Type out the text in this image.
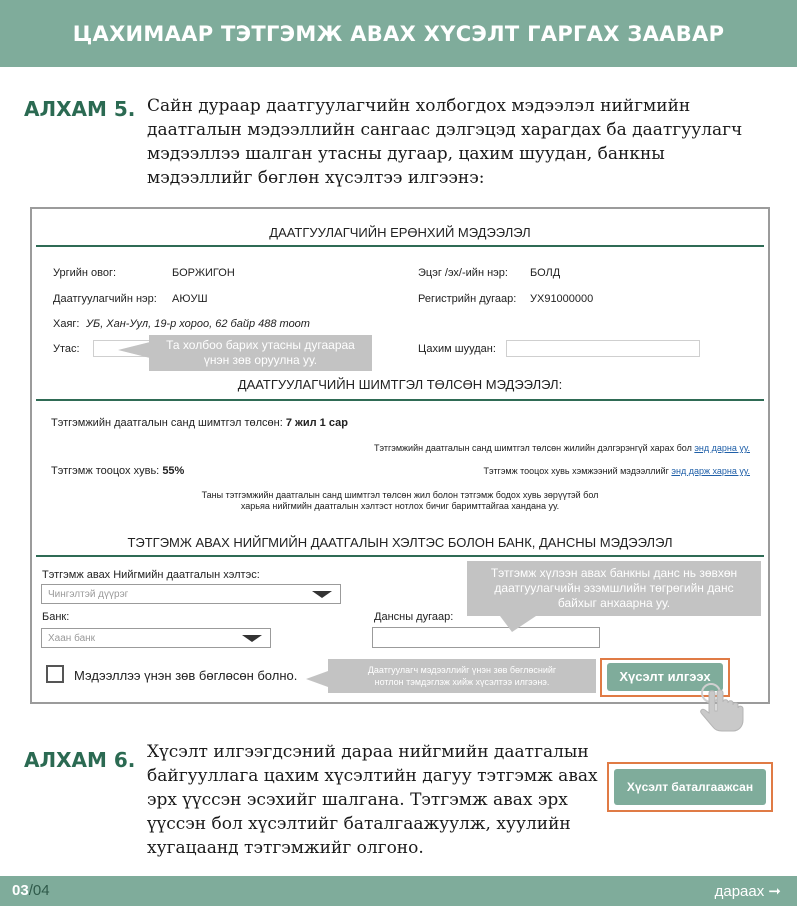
ЦАХИМААР ТЭТГЭМЖ АВАХ ХҮСЭЛТ ГАРГАХ ЗААВАР
АЛХАМ 5. Сайн дураар даатгуулагчийн холбогдох мэдээлэл нийгмийн
даатгалын мэдээллийн сангаас дэлгэцэд харагдах ба даатгуулагч
мэдээллээ шалган утасны дугаар, цахим шуудан, банкны
мэдээллийг бөглөн хүсэлтээ илгээнэ:
ДААТГУУЛАГЧИЙН ЕРӨНХИЙ МЭДЭЭЛЭЛ
Ургийн овог:	БОРЖИГОН	Эцэг /эх/-ийн нэр: БОЛД
Даатгуулагчийн нэр: АЮУШ	Регистрийн дугаар: УХ91000000
Хаяг: УБ, Хан-Уул, 19-р хороо, 62 байр 488 тоот
Утас:	Та холбоо барих утасны дугаараа үнэн зөв оруулна уу.
Цахим шуудан:
ДААТГУУЛАГЧИЙН ШИМТГЭЛ ТӨЛСӨН МЭДЭЭЛЭЛ:
Тэтгэмжийн даатгалын санд шимтгэл төлсөн: 7 жил 1 сар
Тэтгэмжийн даатгалын санд шимтгэл төлсөн жилийн дэлгэрэнгүй харах бол энд дарна уу.
Тэтгэмж тооцох хувь: 55%	Тэтгэмж тооцох хувь хэмжээний мэдээллийг энд дарж харна уу.
Таны тэтгэмжийн даатгалын санд шимтгэл төлсөн жил болон тэтгэмж бодох хувь зөрүүтэй бол
харьяа нийгмийн даатгалын хэлтэст нотлох бичиг баримттайгаа хандана уу.
ТЭТГЭМЖ АВАХ НИЙГМИЙН ДААТГАЛЫН ХЭЛТЭС БОЛОН БАНК, ДАНСНЫ МЭДЭЭЛЭЛ
Тэтгэмж авах Нийгмийн даатгалын хэлтэс:
Чингэлтэй дүүрэг
Банк:
Хаан банк
Дансны дугаар:
Тэтгэмж хүлээн авах банкны данс нь зөвхөн даатгуулагчийн эзэмшлийн төгрөгийн данс байхыг анхаарна уу.
Мэдээллээ үнэн зөв бөглөсөн болно.	Даатгуулагч мэдээллийг үнэн зөв бөглөснийг
нотлон тэмдэглэж хийж хүсэлтээ илгээнэ.	Хүсэлт илгээх
АЛХАМ 6. Хүсэлт илгээгдсэний дараа нийгмийн даатгалын
байгууллага цахим хүсэлтийн дагуу тэтгэмж авах
эрх үүссэн эсэхийг шалгана. Тэтгэмж авах эрх
үүссэн бол хүсэлтийг баталгаажуулж, хуулийн
хугацаанд тэтгэмжийг олгоно.
Хүсэлт баталгаажсан
03/04	дараах ➞
